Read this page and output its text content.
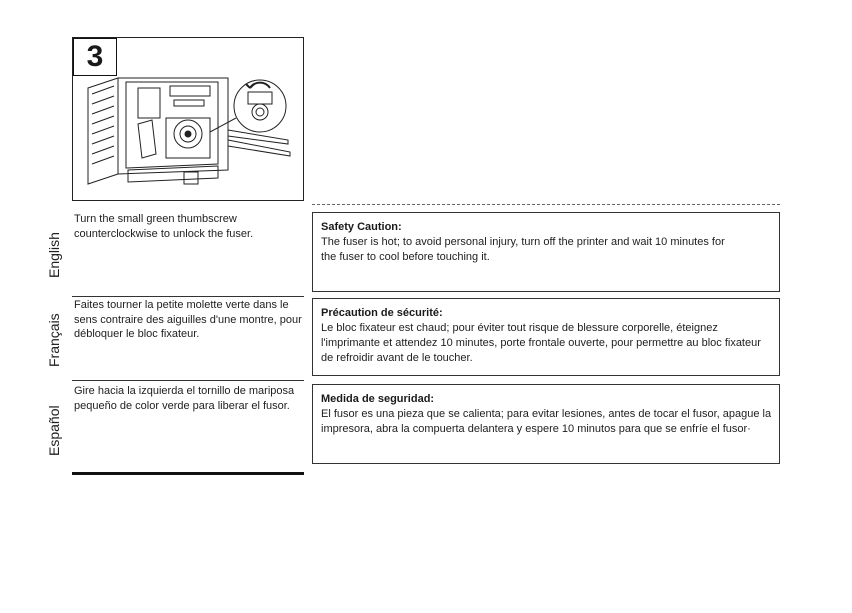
3
English
Turn the small green thumbscrew counterclockwise to unlock the fuser.
Safety Caution:
The fuser is hot; to avoid personal injury, turn off the printer and wait 10 minutes for the fuser to cool before touching it.
Français
Faites tourner la petite molette verte dans le sens contraire des aiguilles d'une montre, pour débloquer le bloc fixateur.
Précaution de sécurité:
Le bloc fixateur est chaud; pour éviter tout risque de blessure corporelle, éteignez l'imprimante et attendez 10 minutes, porte frontale ouverte, pour permettre au bloc fixateur de refroidir avant de le toucher.
Español
Gire hacia la izquierda el tornillo de mariposa pequeño de color verde para liberar el fusor.
Medida de seguridad:
El fusor es una pieza que se calienta; para evitar lesiones, antes de tocar el fusor, apague la impresora, abra la compuerta delantera y espere 10 minutos para que se enfríe el fusor·
